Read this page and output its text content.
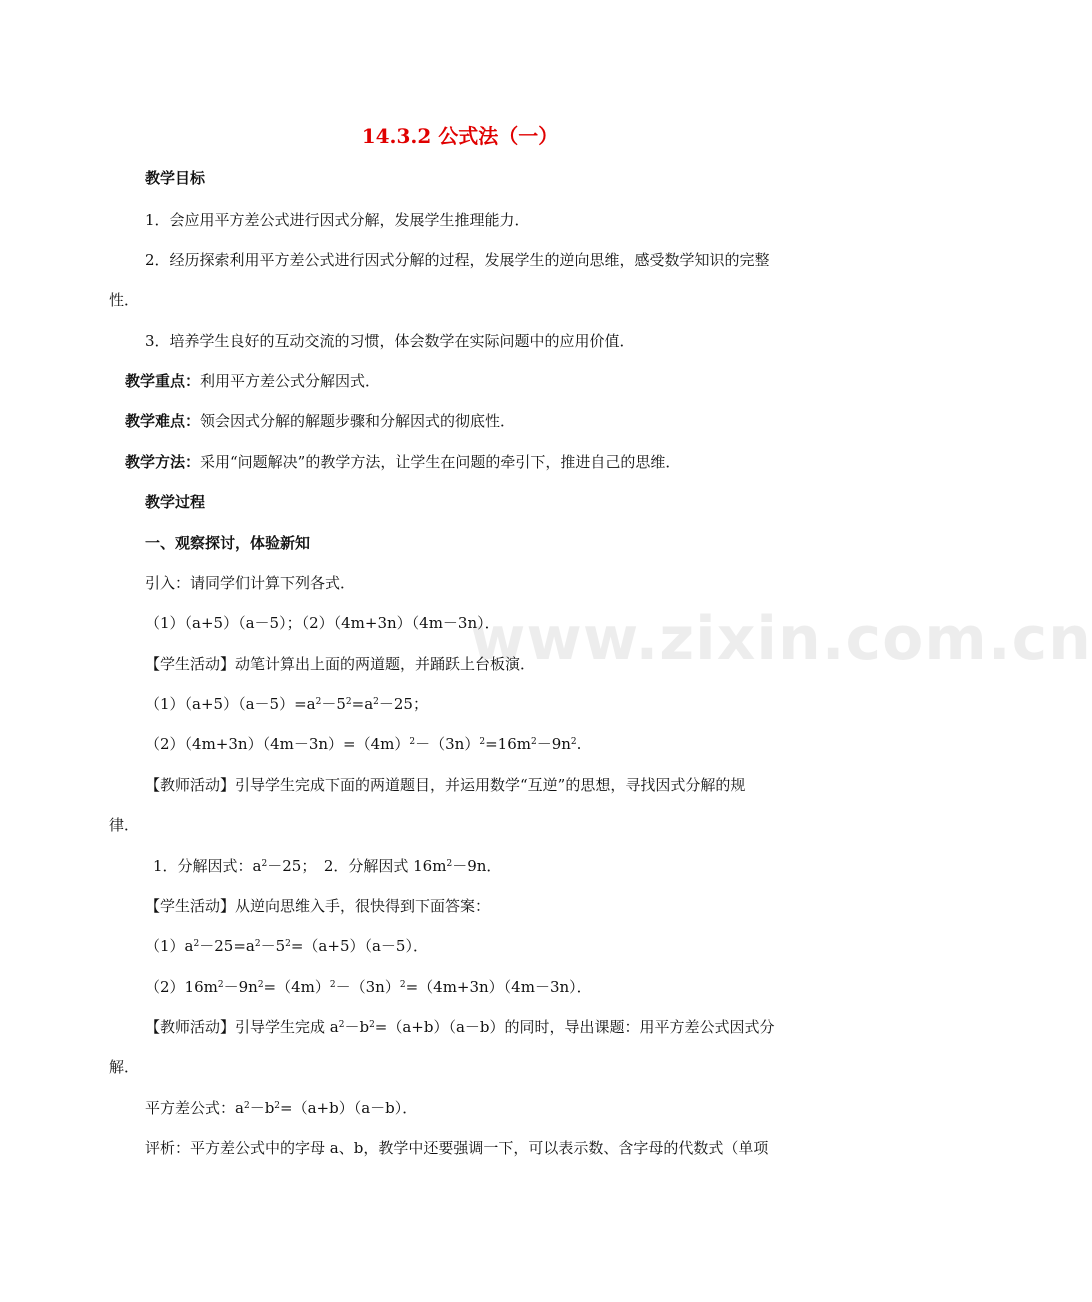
www.zixin.com.cn
14.3.2 公式法（一）
教学目标
1．会应用平方差公式进行因式分解，发展学生推理能力．
2．经历探索利用平方差公式进行因式分解的过程，发展学生的逆向思维，感受数学知识的完整
性．
3．培养学生良好的互动交流的习惯，体会数学在实际问题中的应用价值．
教学重点：利用平方差公式分解因式．
教学难点：领会因式分解的解题步骤和分解因式的彻底性．
教学方法：采用“问题解决”的教学方法，让学生在问题的牵引下，推进自己的思维．
教学过程
一、观察探讨，体验新知
引入：请同学们计算下列各式．
（1）（a+5）（a－5）；（2）（4m+3n）（4m－3n）．
【学生活动】动笔计算出上面的两道题，并踊跃上台板演．
$(1)(a+5)(a-5)=a^2-5^2=a^2-25$；
$(2)(4m+3n)(4m-3n)=(4m)^2-(3n)^2=16m^2-9n^2$.
【教师活动】引导学生完成下面的两道题目，并运用数学“互逆”的思想，寻找因式分解的规
律．
1．分解因式：$a^2-25$；　2．分解因式 $16m^2-9n$．
【学生活动】从逆向思维入手，很快得到下面答案：
$(1)a^2-25=a^2-5^2=(a+5)(a-5)$．
$(2)16m^2-9n^2=(4m)^2-(3n)^2=(4m+3n)(4m-3n)$．
【教师活动】引导学生完成 $a^2-b^2=(a+b)(a-b)$的同时，导出课题：用平方差公式因式分
解．
平方差公式：$a^2-b^2=(a+b)(a-b)$．
评析：平方差公式中的字母 a、b，教学中还要强调一下，可以表示数、含字母的代数式（单项
